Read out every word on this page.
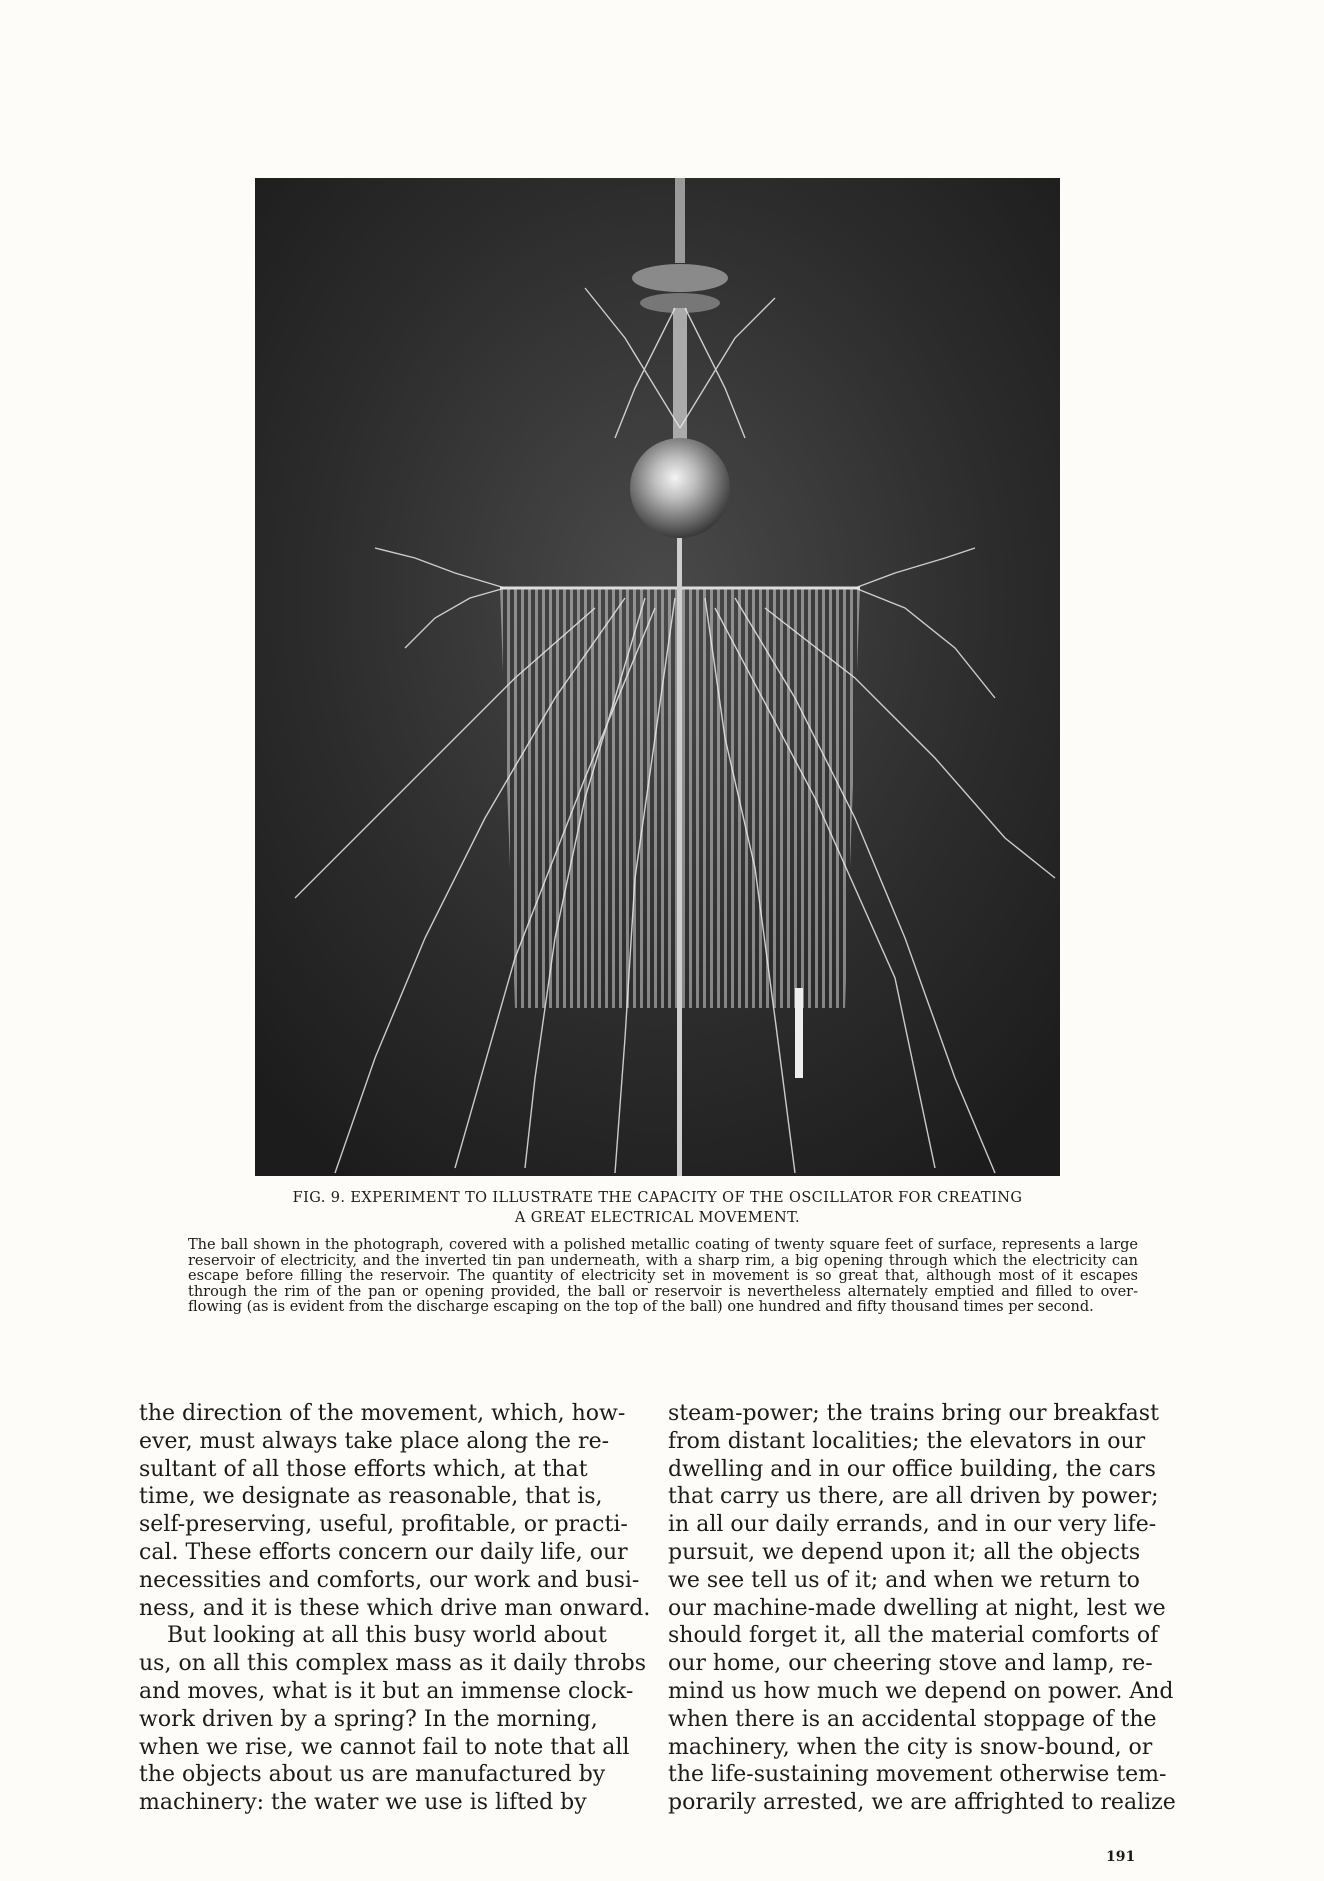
FIG. 9. EXPERIMENT TO ILLUSTRATE THE CAPACITY OF THE OSCILLATOR FOR CREATING
A GREAT ELECTRICAL MOVEMENT.
The ball shown in the photograph, covered with a polished metallic coating of twenty square feet of surface, represents a large reservoir of electricity, and the inverted tin pan underneath, with a sharp rim, a big opening through which the electricity can escape before filling the reservoir. The quantity of electricity set in movement is so great that, although most of it escapes through the rim of the pan or opening provided, the ball or reservoir is nevertheless alternately emptied and filled to over-flowing (as is evident from the discharge escaping on the top of the ball) one hundred and fifty thousand times per second.
the direction of the movement, which, how-
ever, must always take place along the re-
sultant of all those efforts which, at that
time, we designate as reasonable, that is,
self-preserving, useful, profitable, or practi-
cal. These efforts concern our daily life, our
necessities and comforts, our work and busi-
ness, and it is these which drive man onward.
But looking at all this busy world about
us, on all this complex mass as it daily throbs
and moves, what is it but an immense clock-
work driven by a spring? In the morning,
when we rise, we cannot fail to note that all
the objects about us are manufactured by
machinery: the water we use is lifted by
steam-power; the trains bring our breakfast
from distant localities; the elevators in our
dwelling and in our office building, the cars
that carry us there, are all driven by power;
in all our daily errands, and in our very life-
pursuit, we depend upon it; all the objects
we see tell us of it; and when we return to
our machine-made dwelling at night, lest we
should forget it, all the material comforts of
our home, our cheering stove and lamp, re-
mind us how much we depend on power. And
when there is an accidental stoppage of the
machinery, when the city is snow-bound, or
the life-sustaining movement otherwise tem-
porarily arrested, we are affrighted to realize
191
